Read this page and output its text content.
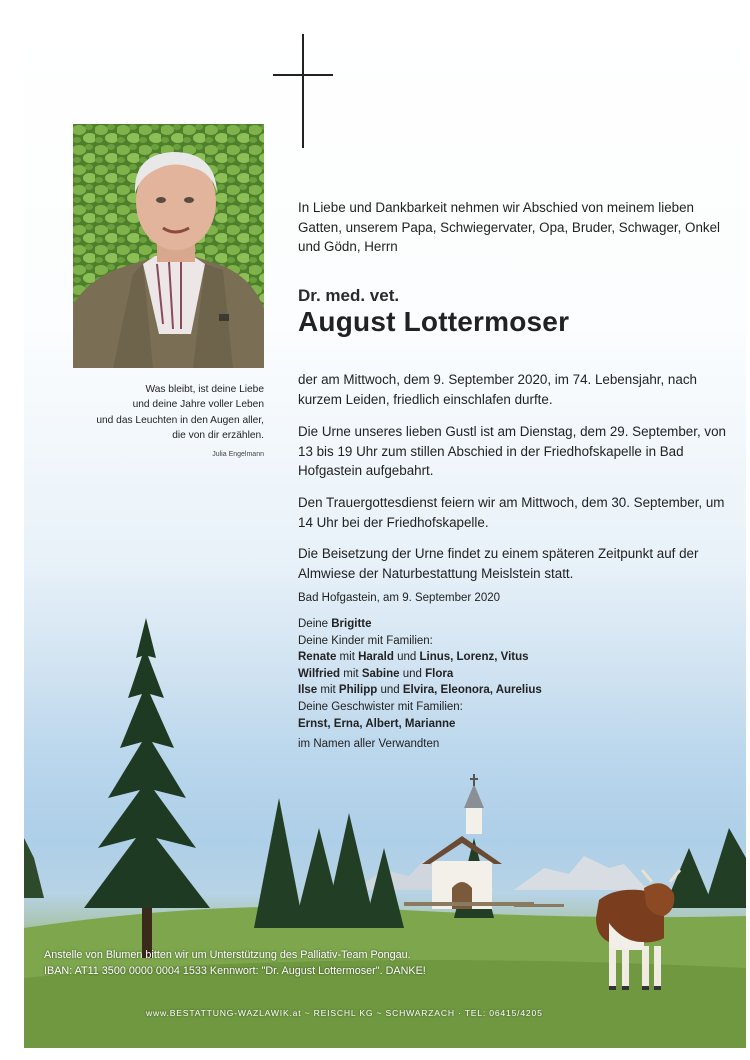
Was bleibt, ist deine Liebe
und deine Jahre voller Leben
und das Leuchten in den Augen aller,
die von dir erzählen.
Julia Engelmann
In Liebe und Dankbarkeit nehmen wir Abschied von meinem lieben Gatten, unserem Papa, Schwiegervater, Opa, Bruder, Schwager, Onkel und Gödn, Herrn
Dr. med. vet.
August Lottermoser
der am Mittwoch, dem 9. September 2020, im 74. Lebensjahr, nach kurzem Leiden, friedlich einschlafen durfte.
Die Urne unseres lieben Gustl ist am Dienstag, dem 29. September, von 13 bis 19 Uhr zum stillen Abschied in der Friedhofskapelle in Bad Hofgastein aufgebahrt.
Den Trauergottesdienst feiern wir am Mittwoch, dem 30. September, um 14 Uhr bei der Friedhofskapelle.
Die Beisetzung der Urne findet zu einem späteren Zeitpunkt auf der Almwiese der Naturbestattung Meislstein statt.
Bad Hofgastein, am 9. September 2020
Deine Brigitte
Deine Kinder mit Familien:
Renate mit Harald und Linus, Lorenz, Vitus
Wilfried mit Sabine und Flora
Ilse mit Philipp und Elvira, Eleonora, Aurelius
Deine Geschwister mit Familien:
Ernst, Erna, Albert, Marianne
im Namen aller Verwandten
Anstelle von Blumen bitten wir um Unterstützung des Palliativ-Team Pongau.
IBAN: AT11 3500 0000 0004 1533 Kennwort: "Dr. August Lottermoser". DANKE!
www.BESTATTUNG-WAZLAWIK.at ~ REISCHL KG ~ SCHWARZACH · TEL: 06415/4205
